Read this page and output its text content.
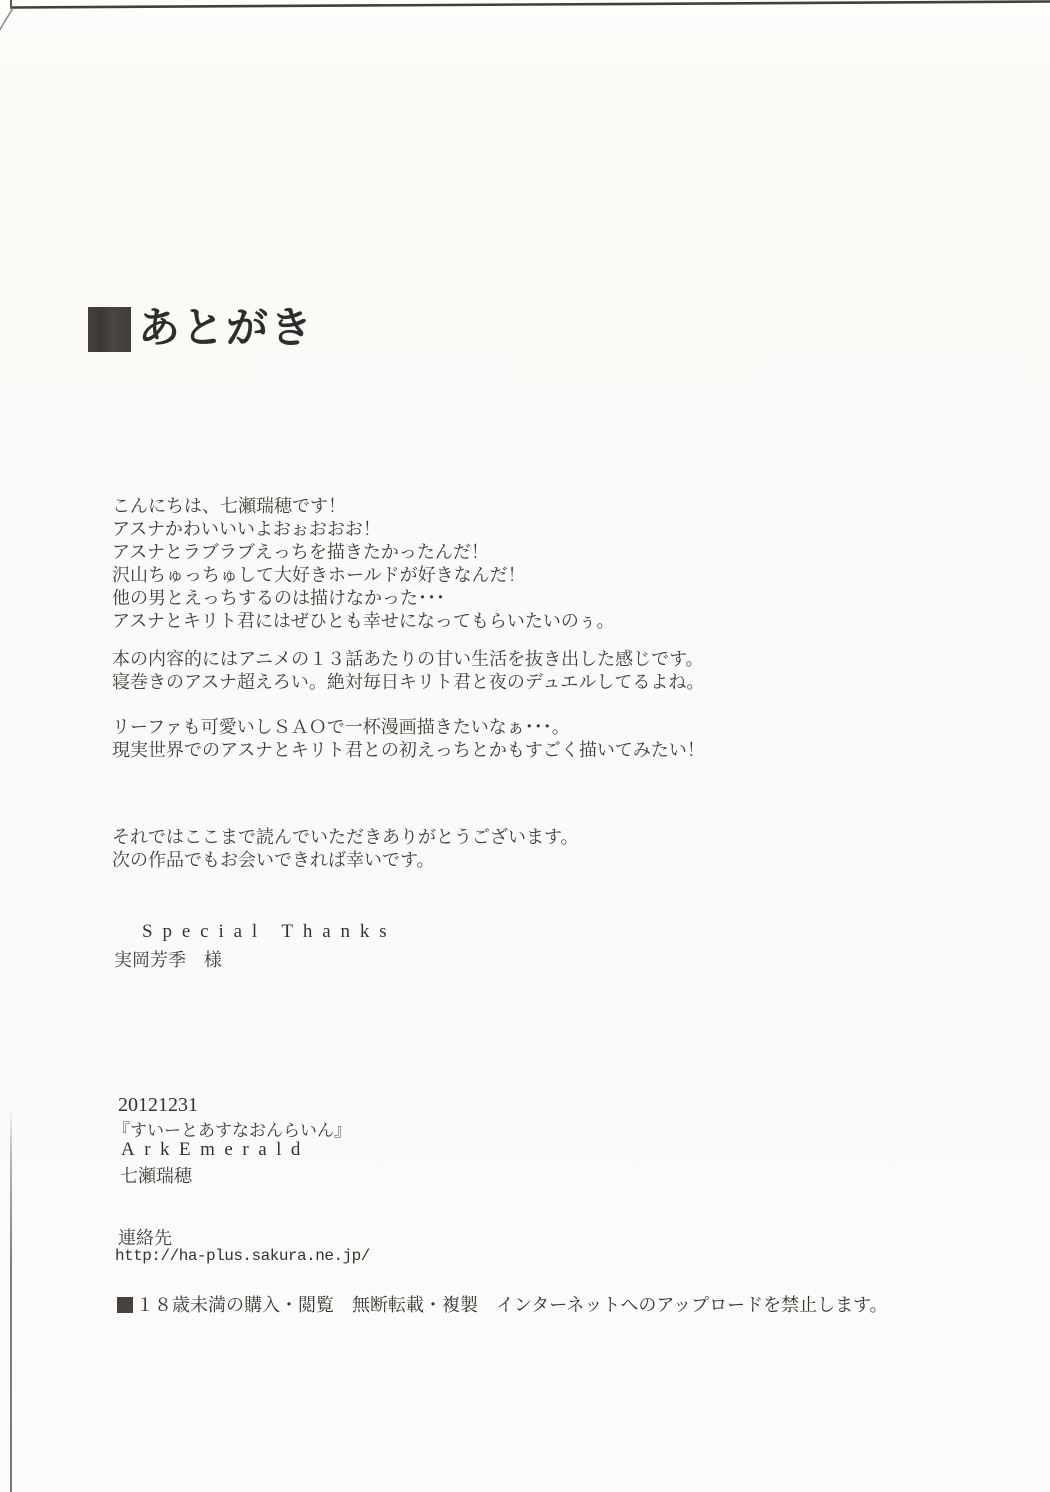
あとがき
こんにちは、七瀬瑞穂です！
アスナかわいいいよおぉおおお！
アスナとラブラブえっちを描きたかったんだ！
沢山ちゅっちゅして大好きホールドが好きなんだ！
他の男とえっちするのは描けなかった･･･
アスナとキリト君にはぜひとも幸せになってもらいたいのぅ。
本の内容的にはアニメの１３話あたりの甘い生活を抜き出した感じです。
寝巻きのアスナ超えろい。絶対毎日キリト君と夜のデュエルしてるよね。
リーファも可愛いしＳＡＯで一杯漫画描きたいなぁ･･･。
現実世界でのアスナとキリト君との初えっちとかもすごく描いてみたい！
それではここまで読んでいただきありがとうございます。
次の作品でもお会いできれば幸いです。
Special Thanks
実岡芳季　様
20121231
『すいーとあすなおんらいん』
ArkEmerald
七瀬瑞穂
連絡先
http://ha-plus.sakura.ne.jp/
１８歳未満の購入・閲覧　無断転載・複製　インターネットへのアップロードを禁止します。
